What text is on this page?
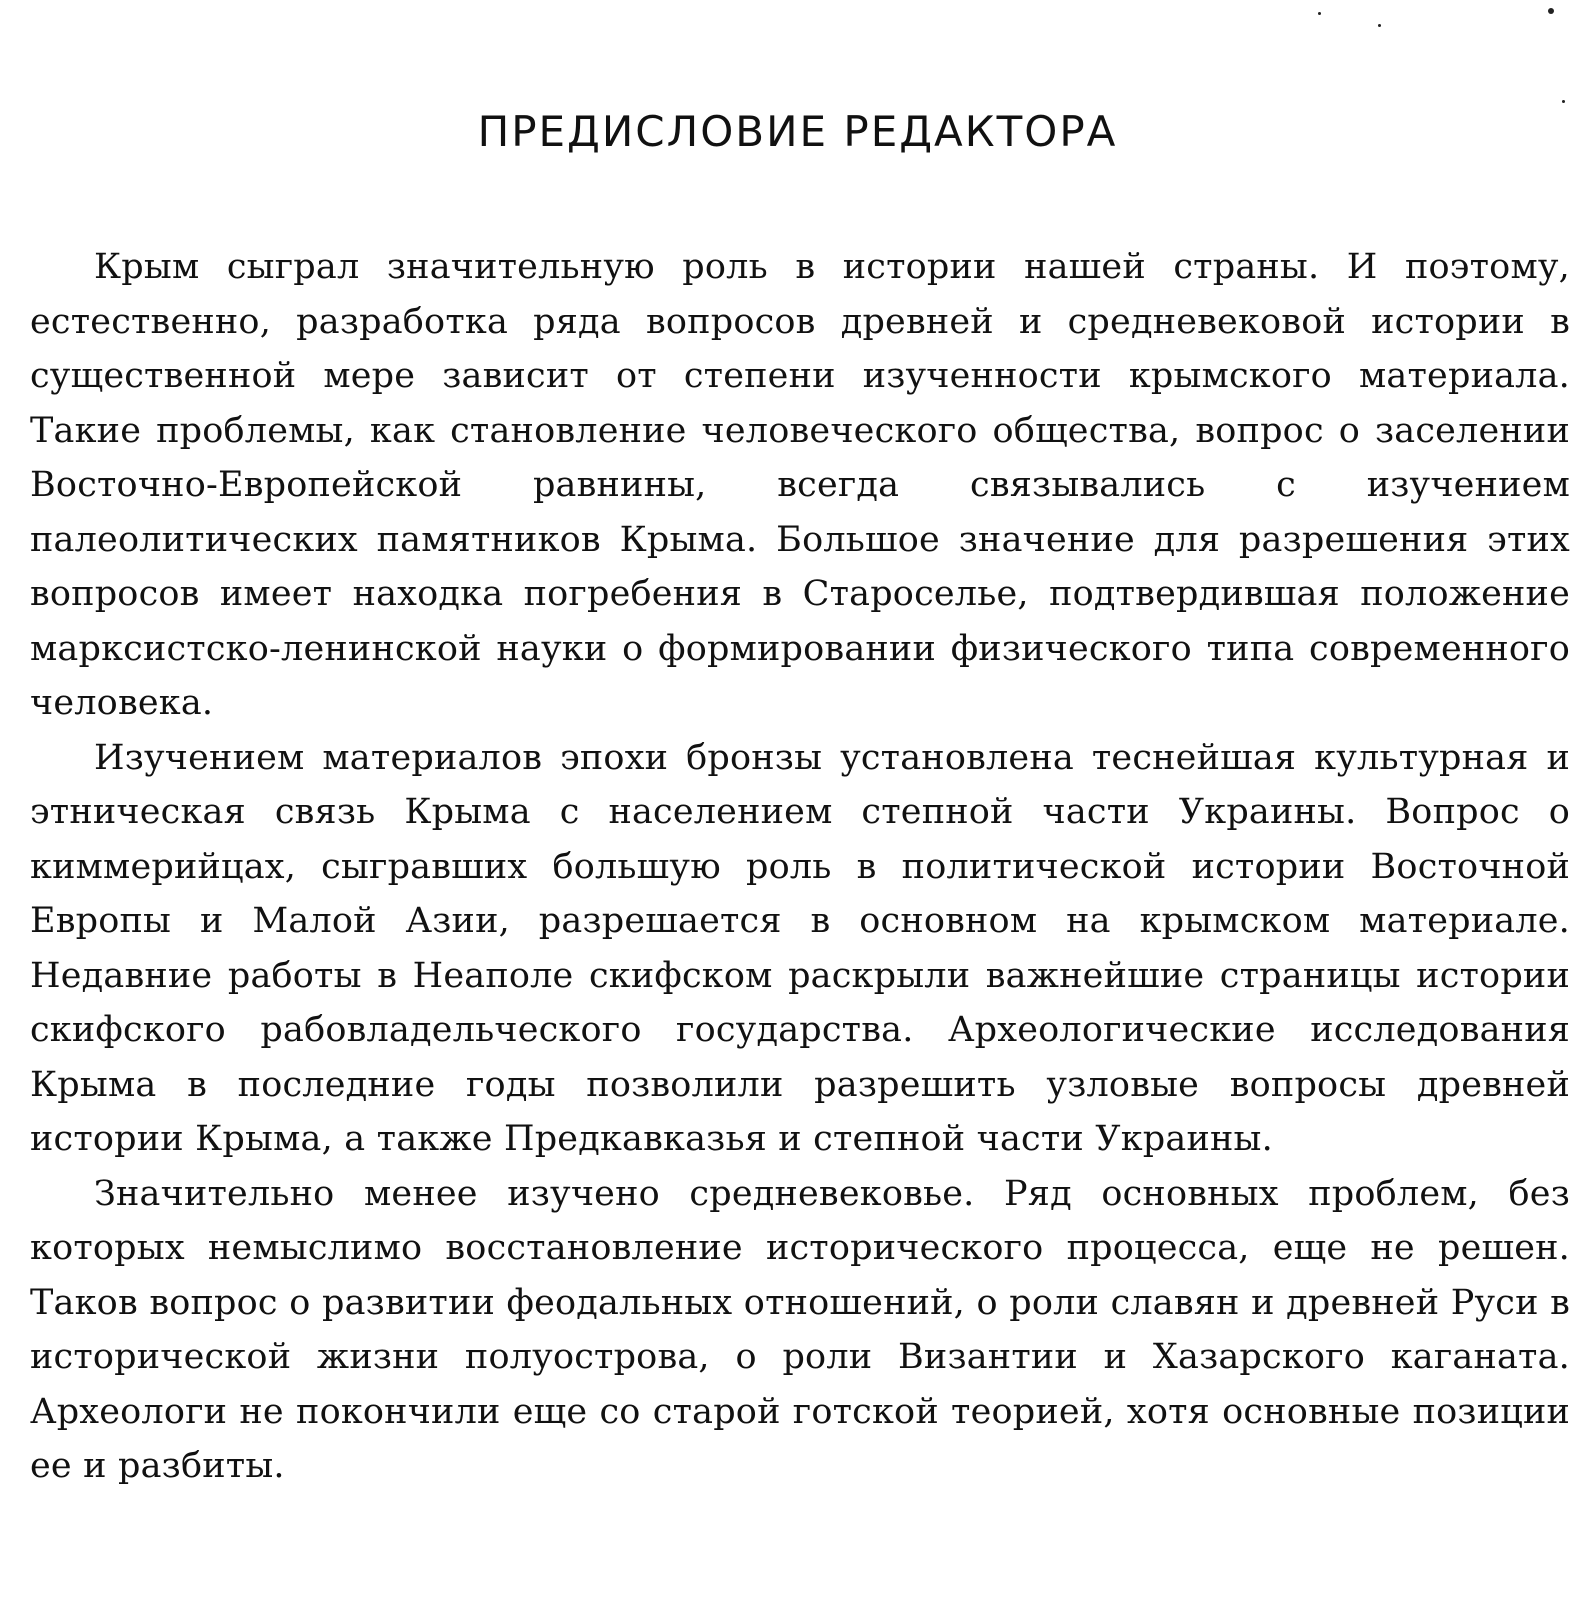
ПРЕДИСЛОВИЕ РЕДАКТОРА

Крым сыграл значительную роль в истории нашей страны. И поэтому, естественно, разработка ряда вопросов древней и средневековой истории в существенной мере зависит от степени изученности крымского материала. Такие проблемы, как становление человеческого общества, вопрос о заселении Восточно-Европейской равнины, всегда связывались с изучением палеолитических памятников Крыма. Большое значение для разрешения этих вопросов имеет находка погребения в Староселье, подтвердившая положение марксистско-ленинской науки о формировании физического типа современного человека.

Изучением материалов эпохи бронзы установлена теснейшая культурная и этническая связь Крыма с населением степной части Украины. Вопрос о киммерийцах, сыгравших большую роль в политической истории Восточной Европы и Малой Азии, разрешается в основном на крымском материале. Недавние работы в Неаполе скифском раскрыли важнейшие страницы истории скифского рабовладельческого государства. Археологические исследования Крыма в последние годы позволили разрешить узловые вопросы древней истории Крыма, а также Предкавказья и степной части Украины.

Значительно менее изучено средневековье. Ряд основных проблем, без которых немыслимо восстановление исторического процесса, еще не решен. Таков вопрос о развитии феодальных отношений, о роли славян и древней Руси в исторической жизни полуострова, о роли Византии и Хазарского каганата. Археологи не покончили еще со старой готской теорией, хотя основные позиции ее и разбиты.
